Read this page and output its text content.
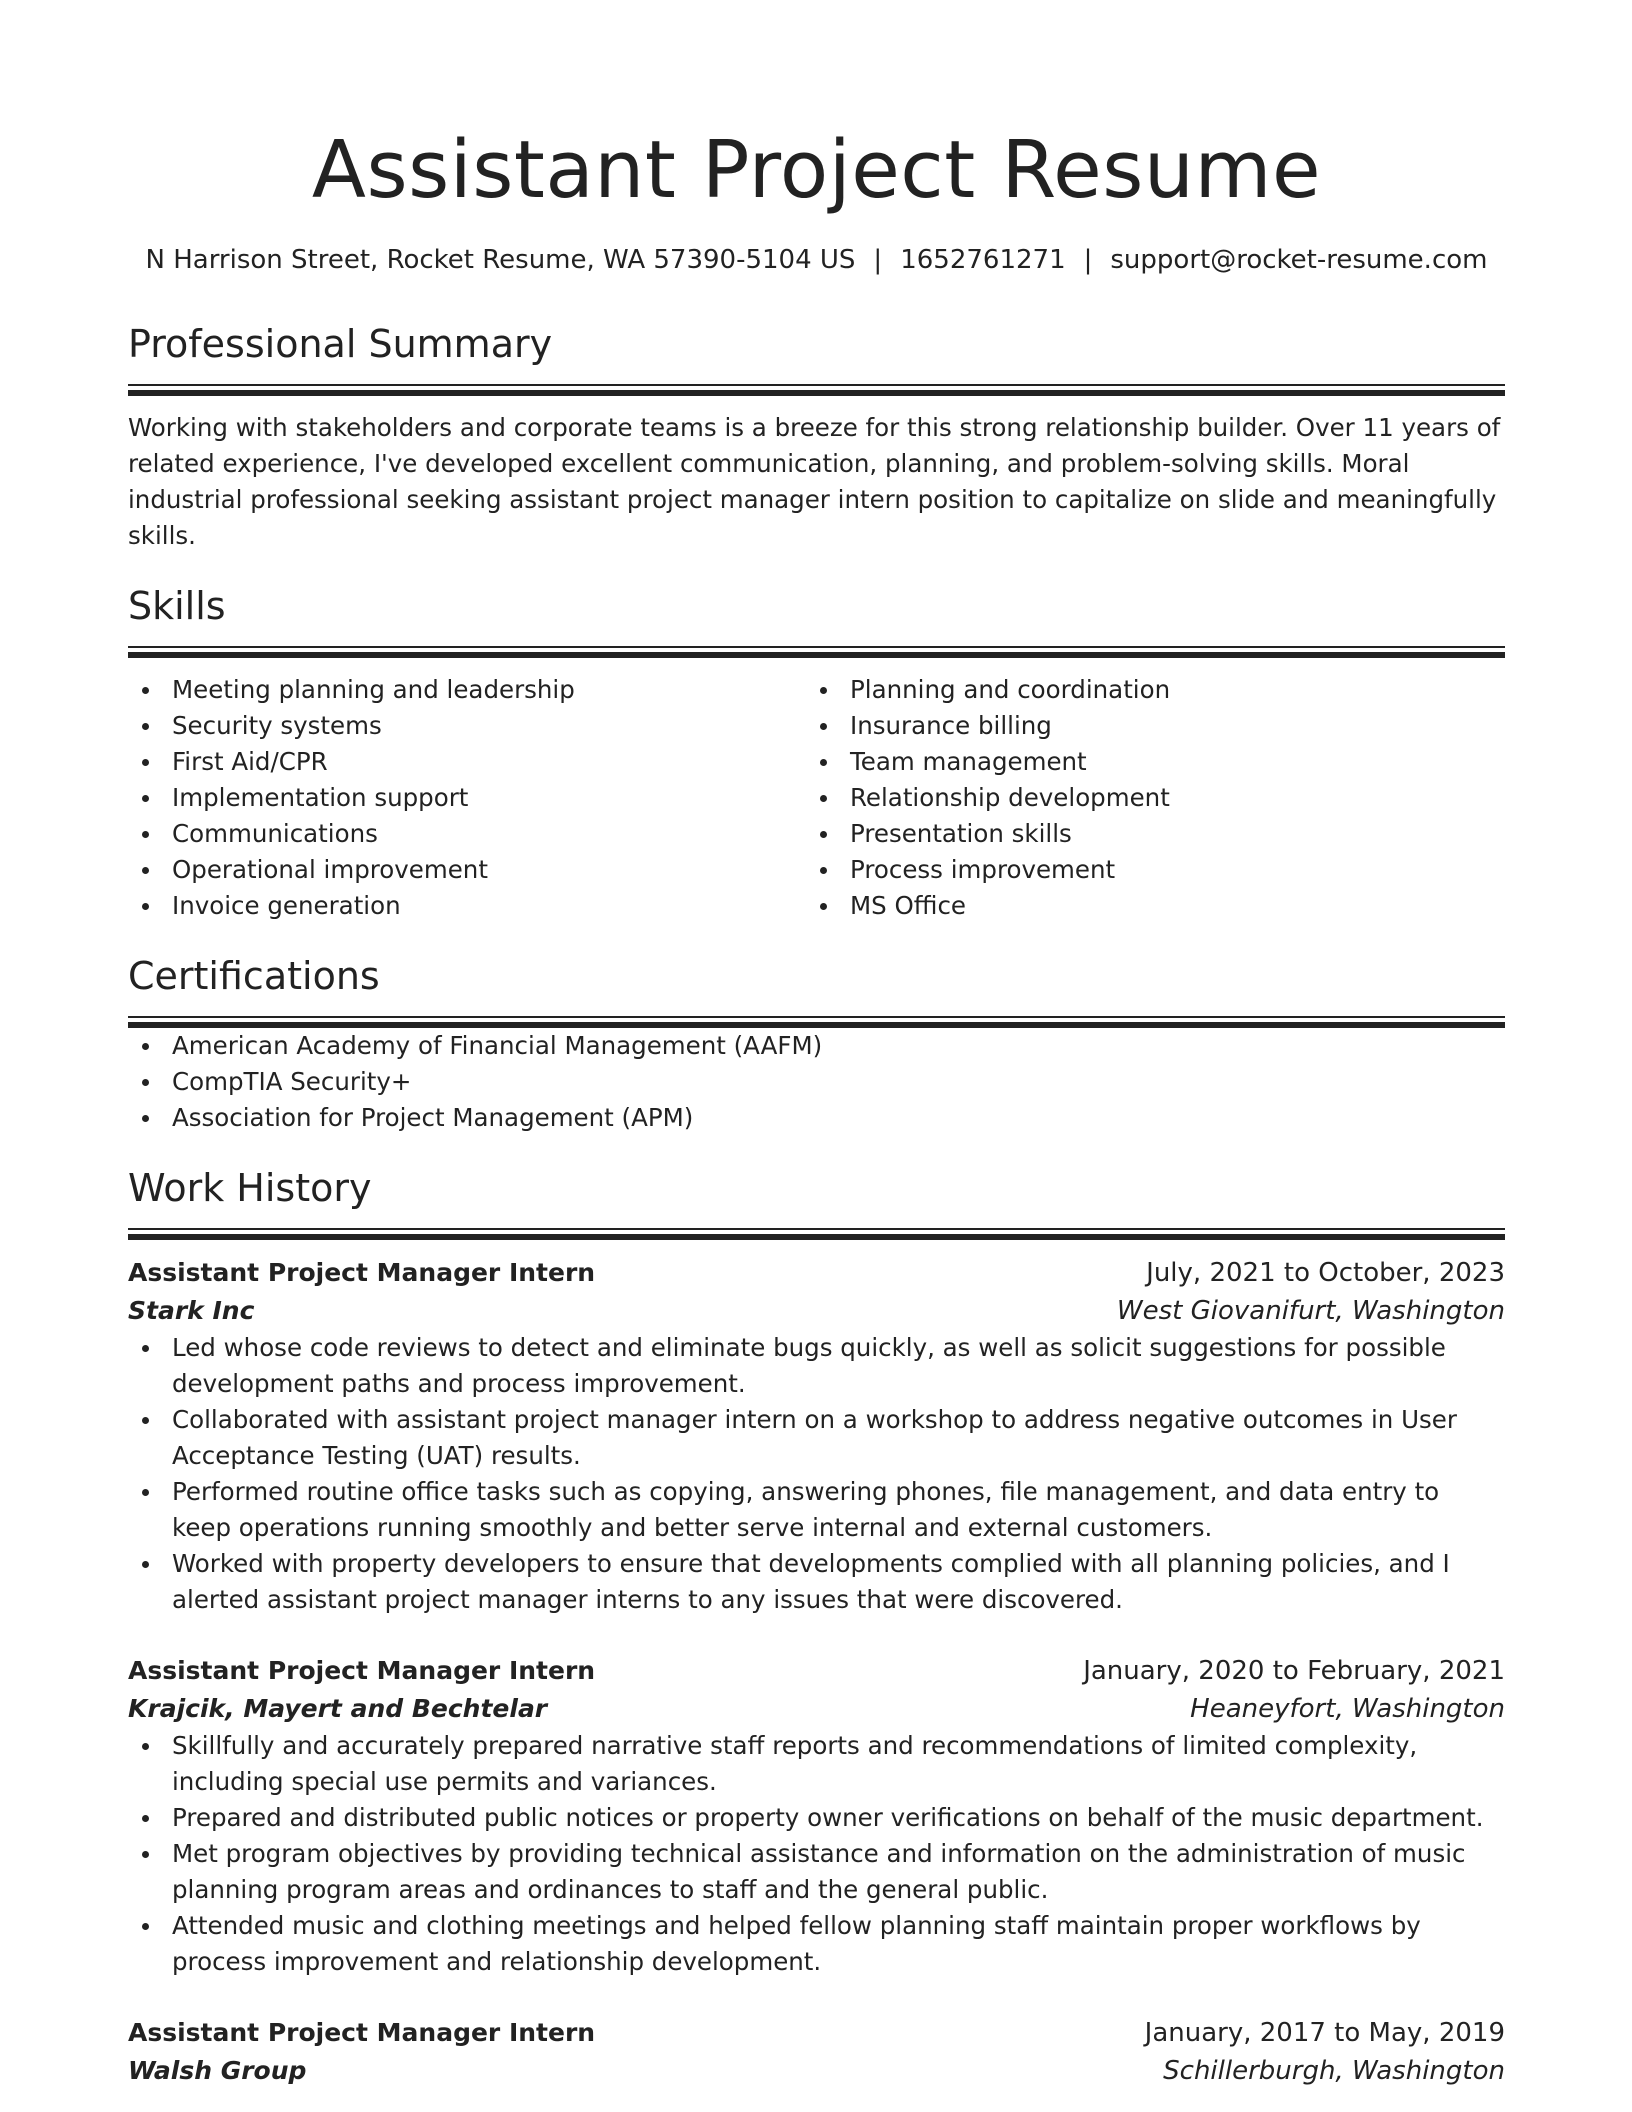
Assistant Project Resume
N Harrison Street, Rocket Resume, WA 57390-5104 US | 1652761271 | support@rocket-resume.com
Professional Summary
Working with stakeholders and corporate teams is a breeze for this strong relationship builder. Over 11 years of related experience, I've developed excellent communication, planning, and problem-solving skills. Moral industrial professional seeking assistant project manager intern position to capitalize on slide and meaningfully skills.
Skills
Meeting planning and leadership
Security systems
First Aid/CPR
Implementation support
Communications
Operational improvement
Invoice generation
Planning and coordination
Insurance billing
Team management
Relationship development
Presentation skills
Process improvement
MS Office
Certifications
American Academy of Financial Management (AAFM)
CompTIA Security+
Association for Project Management (APM)
Work History
Assistant Project Manager Intern	July, 2021 to October, 2023
Stark Inc	West Giovanifurt, Washington
Led whose code reviews to detect and eliminate bugs quickly, as well as solicit suggestions for possible development paths and process improvement.
Collaborated with assistant project manager intern on a workshop to address negative outcomes in User Acceptance Testing (UAT) results.
Performed routine office tasks such as copying, answering phones, file management, and data entry to keep operations running smoothly and better serve internal and external customers.
Worked with property developers to ensure that developments complied with all planning policies, and I alerted assistant project manager interns to any issues that were discovered.
Assistant Project Manager Intern	January, 2020 to February, 2021
Krajcik, Mayert and Bechtelar	Heaneyfort, Washington
Skillfully and accurately prepared narrative staff reports and recommendations of limited complexity, including special use permits and variances.
Prepared and distributed public notices or property owner verifications on behalf of the music department.
Met program objectives by providing technical assistance and information on the administration of music planning program areas and ordinances to staff and the general public.
Attended music and clothing meetings and helped fellow planning staff maintain proper workflows by process improvement and relationship development.
Assistant Project Manager Intern	January, 2017 to May, 2019
Walsh Group	Schillerburgh, Washington
